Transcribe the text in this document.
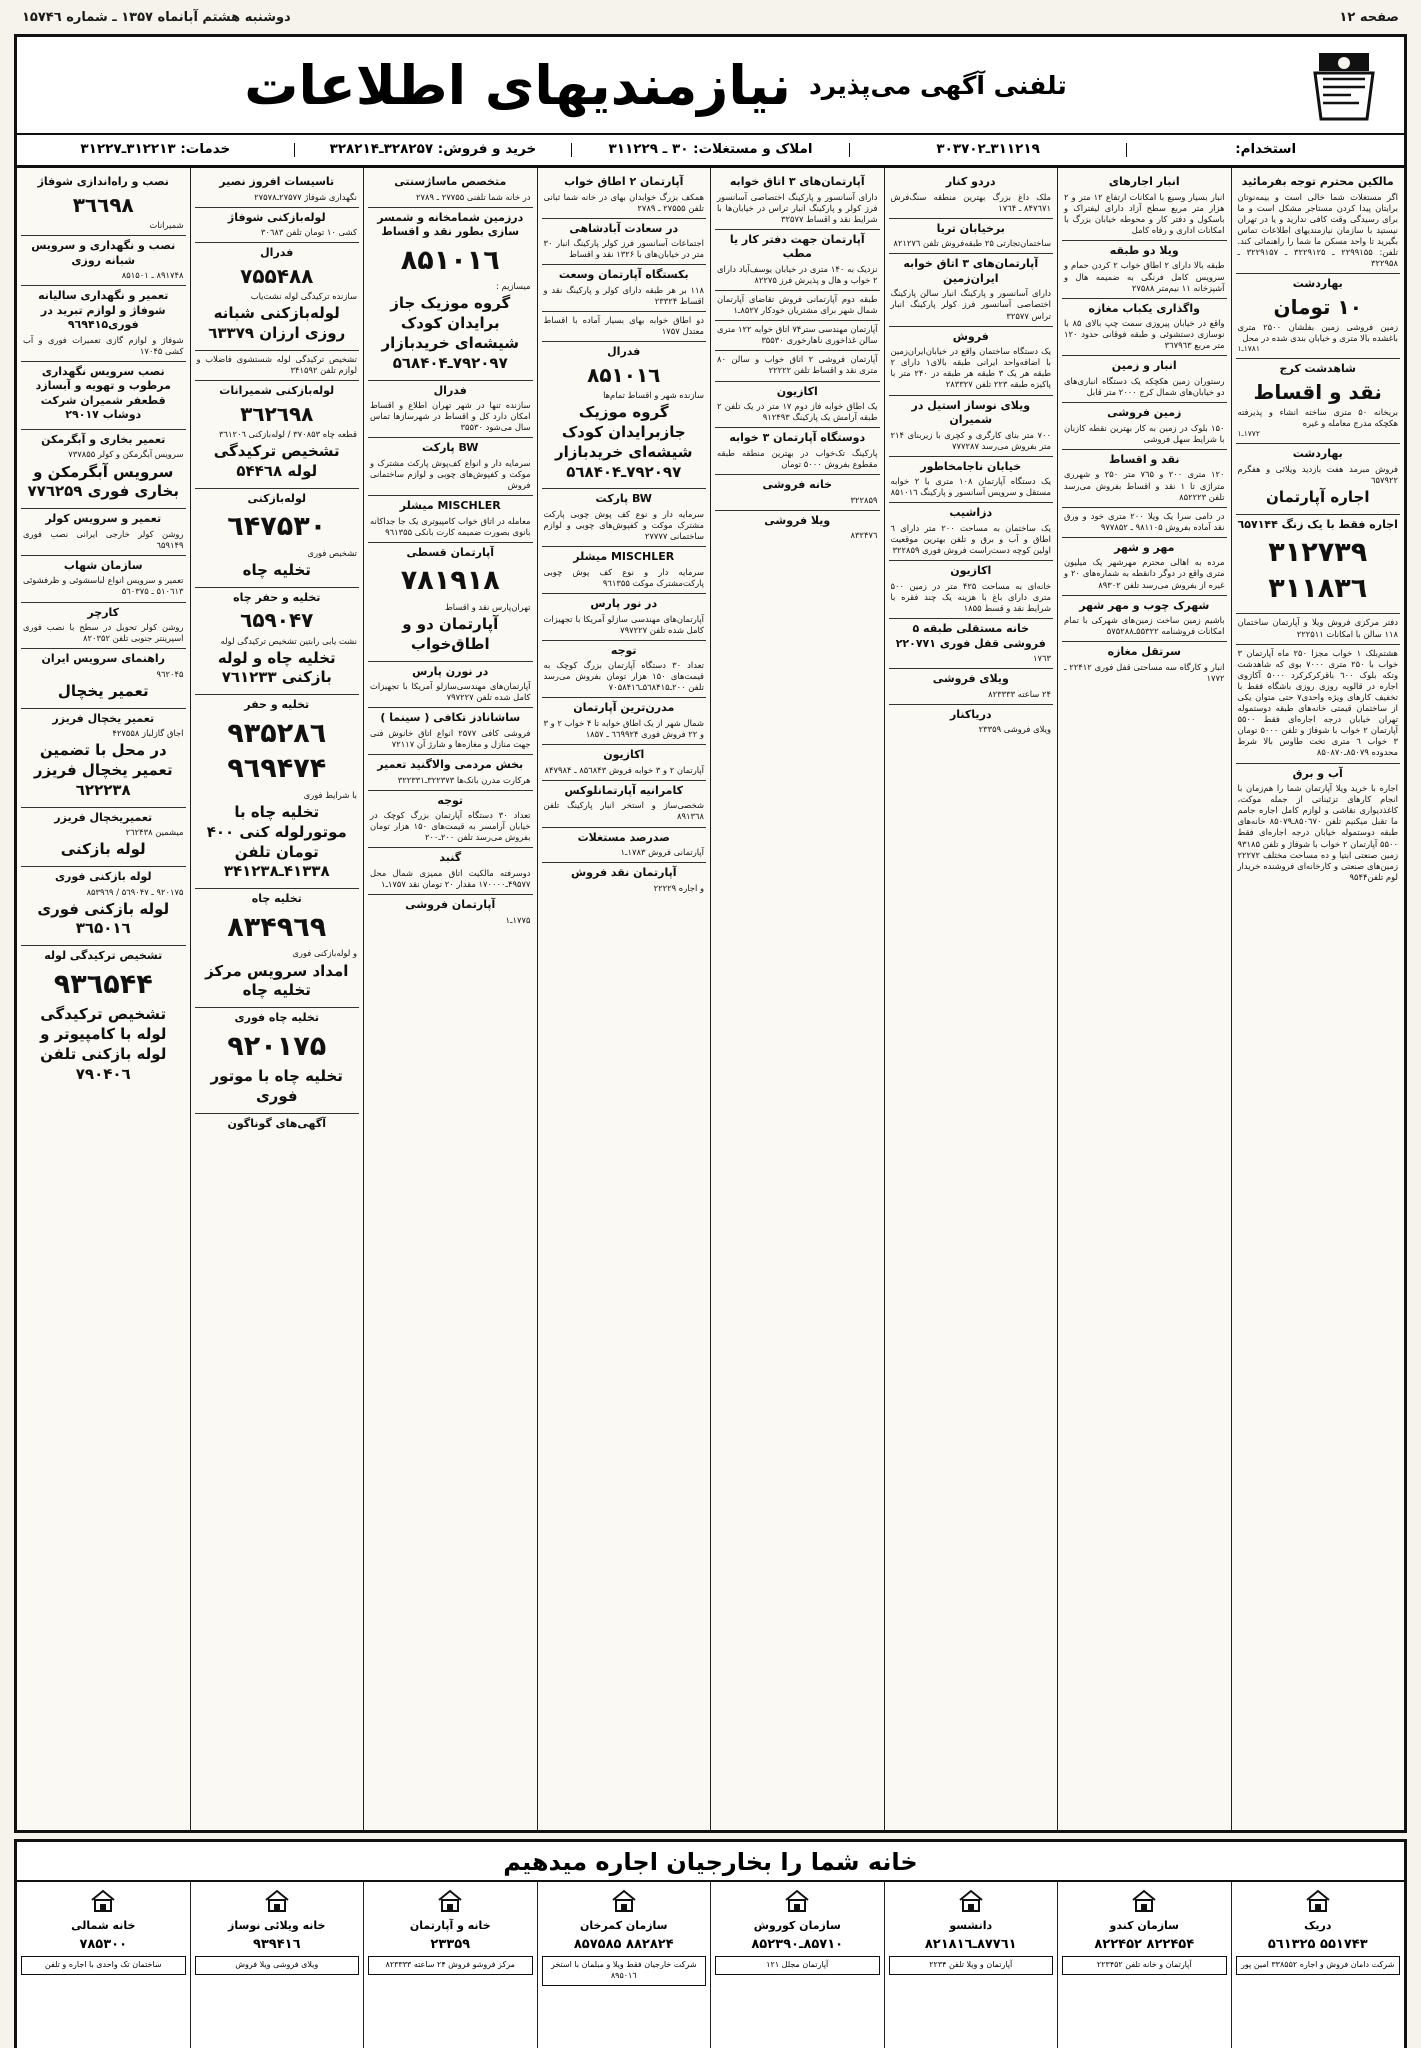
صفحه ۱۲
دوشنبه هشتم آبانماه ۱۳۵۷ ـ شماره ۱۵۷۴٦
تلفنی آگهی می‌پذیرد
نیازمندیهای اطلاعات
استخدام:
۳۱۱۲۱۹ـ۳۰۳۷۰۲
املاک و مستغلات: ۳۰ ـ ۳۱۱۲۲۹
خرید و فروش: ۳۲۸۲۵۷ـ۳۲۸۲۱۴
خدمات: ۳۱۲۲۱۳ـ۳۱۲۲۷
مالکین محترم توجه بفرمائید
اگر مستغلات شما خالی است و بیمه‌نوتان برایتان پیدا کردن مستاجر مشکل است و ما برای رسیدگی وقت کافی ندارید و یا در تهران نیستید با سازمان نیازمندیهای اطلاعات تماس بگیرید تا واحد مسکن ما شما را راهنمائی کند. تلفن: ۲۲۹۹۱۵۵ ـ ۳۲۲۹۱۲۵ ـ ۳۲۲۹۱۵۷ ـ ۳۲۲۹۵۸
بهاردشت
۱۰ تومان
زمین فروشی زمین بفلشان ۲۵۰۰ متری باغشده بالا متری و خیابان بندی شده در محل
۱۷۸۱ـ۱
شاهدشت کرج
نقد و اقساط
بریخانه ۵۰ متری ساخته انشاء و پذیرفته هکچکه مدرج معامله و غیره
۱۷۷۲ـ۱
بهاردشت
فروش مبرمد هفت بازدید ویلائی و هفگرم ٦۵۷۹۲۲
اجاره آپارتمان
اجاره فقط با یک زنگ ٦۵۷۱۴۴
۳۱۲۷۳۹ ۳۱۱۸۳٦
دفتر مرکزی فروش ویلا و آپارتمان ساختمان ۱۱۸ سالن با امکانات ۲۲۲۵۱۱
هشتم‌بلک ۱ خواب مجزا ۲۵۰ ماه آپارتمان ۳ خواب با ۲۵۰ متری ۷۰۰۰ بوی که شاهدشت وتکه بلوک ٦۰۰ باقرکرکرکرد ۵۰۰۰ آکازوی اجاره در قالویه روزی روزی باشگاه فقط با تخفیف کارهای ویژه واحدی۷ حتی متوان یکی از ساختمان قیمتی خانه‌های طبقه دوستموله تهران خیابان درجه اجاره‌ای فقط ۵۵۰۰ آپارتمان ۲ خواب با شوفاژ و تلفن ۵۰۰۰ تومان ۳ خواب ٦ متری تخت طاوس بالا شرط محدوده ۸۵۰۷۹ـ۸۵۰۸۷۰
آب و برق
اجاره با خرید ویلا آپارتمان شما را هم‌زمان با انجام کارهای تزئیناتی از جمله موکت، کاغذدیواری نقاشی و لوازم کامل اجاره جامم ما تقبل میکنیم تلفن ۸۵۰٦۷۰ـ۸۵۰۷۹ خانه‌های طبقه دوستموله خیابان درجه اجاره‌ای فقط ۵۵۰۰ آپارتمان ۲ خواب با شوفاژ و تلفن ۹۳۱۸۵ زمین صنعتی ابتیا و ده مساحت مختلف ۲۲۲۷۲ زمین‌های صنعتی و کارخانه‌ای فروشنده خریدار لوم تلفن۹۵۴۴
انبار اجارهای
انبار بسیار وسیع با امکانات ارتفاع ۱۲ متر و ۲ هزار متر مربع سطح آزاد دارای لیفتراک و باسکول و دفتر کار و محوطه خیابان بزرگ با امکانات اداری و رفاه کامل
ویلا دو طبقه
طبقه بالا دارای ۲ اطاق خواب ۲ کردن حمام و سرویس کامل فرنگی به ضمیمه هال و آشپزخانه ۱۱ نیم‌متر ۲۷۵۸۸
واگذاری یکباب مغازه
واقع در خیابان پیروزی سمت چپ بالای ۸۵ با نوسازی دستشوئی و طبقه فوقانی حدود ۱۲۰ متر مربع ۳٦۷۹٦۳
انبار و زمین
رستوران زمین هکچکه یک دستگاه انباری‌های دو خیابان‌های شمال کرج ۲۰۰۰ متر قابل
زمین فروشی
۱۵۰ بلوک در زمین به کار بهترین نقطه کازبان با شرایط سهل فروشی
نقد و اقساط
۱۲۰ متری ۲۰۰ و ۷٦۵ متر ۲۵۰ و شهرری متراژی تا ۱ نقد و اقساط بفروش می‌رسد تلفن ۸۵۲۲۲۳
در دامی سرا یک ویلا ۲۰۰ متری خود و ورق نقد آماده بفروش ۹۸۱۱۰۵ ـ ۹۷۷۸۵۲
مهر و شهر
مرده به اهالی محترم مهرشهر یک میلیون متری واقع در دوگر دانقطه به شماره‌های ۲۰ و غیره از بفروش می‌رسد تلفن ۸۹۳۰۲
شهرک چوب و مهر شهر
باشیم زمین ساخت زمین‌های شهرکی با تمام امکانات فروشنامه ۵۵۳۲۲ـ۵۷۵۲۸۸
سرتقل مغازه
انبار و کارگاه سه مساحتی قفل فوری ۲۲۴۱۲ ـ ۱۷۷۲
دردو کنار
ملک داغ بزرگ بهترین منطقه سنگ‌فرش ۸۴۷٦۷۱ ـ ۱۷٦۴
برخیابان تریا
ساختمان‌تجارتی ۲۵ طبقه‌فروش تلفن ۸۲۱۲۷٦
آپارتمان‌های ۳ اتاق خوابه ایران‌زمین
دارای آسانسور و پارکینگ انبار سالن پارکینگ اختصاصی آسانسور فرز کولر پارکینگ انبار تراس ۳۲۵۷۷
فروش
یک دستگاه ساختمان واقع در خیابان‌ایران‌زمین با اضافه‌واحد ایرانی طبقه بالای۱ دارای ۲ طبقه هر یک ۳ طبقه هر طبقه در ۲۴۰ متر با پاکیزه طبقه ۲۲۳ تلفن ۲۸۳۳۲۷
ویلای نوساز استیل در شمیران
۷۰۰ متر بنای کارگری و کچری با زیربنای ۲۱۴ متر بفروش می‌رسد ۷۷۷۲۸۷
خیابان ناجامخاطور
یک دستگاه آپارتمان ۱۰۸ متری با ۲ خوابه مستقل و سرویس آسانسور و پارکینگ ۸۵۱۰۱٦
دزاشیب
یک ساختمان به مساحت ۲۰۰ متر دارای ٦ اطاق و آب و برق و تلفن بهترین موقعیت اولین کوچه دست‌راست فروش فوری ۳۲۲۸۵۹
اکازیون
خانه‌ای به مساحت ۴۲۵ متر در زمین ۵۰۰ متری دارای باغ با هزینه یک چند فقره با شرایط نقد و قسط ۱۸۵۵
خانه مستقلی طبقه ۵ فروشی قفل فوری ۲۲۰۷۷۱
۱۷٦۳
ویلای فروشی
۲۴ ساعته ۸۲۳۳۳۳
دریاکنار
ویلای فروشی ۲۳۳۵۹
آپارتمان‌های ۳ اتاق خوابه
دارای آسانسور و پارکینگ اختصاصی آسانسور فرز کولر و پارکینگ انبار تراس در خیابان‌ها با شرایط نقد و اقساط ۳۲۵۷۷
آپارتمان جهت دفتر کار یا مطب
نزدیک به ۱۴۰ متری در خیابان یوسف‌آباد دارای ۲ خواب و هال و پذیرش فرز ۸۲۲۷۵
طبقه دوم آپارتمانی فروش تقاضای آپارتمان شمال شهر برای مشتریان خودکار ۸۵۲۷ـ۱
آپارتمان مهندسی ستر۷۴ اتاق خوابه ۱۲۲ متری سالن غذاخوری ناهارخوری ۳۵۵۳۰
آپارتمان فروشی ۲ اتاق خواب و سالن ۸۰ متری نقد و اقساط تلفن ۲۲۲۲۲
اکازیون
یک اطاق خوابه فاز دوم ۱۷ متر در یک تلفن ۲ طبقه آرامش یک پارکینگ ۹۱۲۴۹۳
دوستگاه آپارتمان ۳ خوابه
پارکینگ تک‌خواب در بهترین منطقه طبقه مقطوع بفروش ۵۰۰۰ تومان
خانه فروشی
۳۲۲۸۵۹
ویلا فروشی
۸۳۲۴۷٦
آپارتمان ۲ اطاق خواب
همکف بزرگ خوابدان بهای در خانه شما ثبانی تلفن ۲۷۵۵۵ ـ ۲۷۸۹
در سعادت آبادشاهی
اجتماعات آسانسور فرز کولر پارکینگ انبار ۳۰ متر در خیابان‌های با ۱۳۲۶ نقد و اقساط
بکستگاه آپارتمان وسعت
۱۱۸ بر هر طبقه دارای کولر و پارکینگ نقد و اقساط ۲۳۳۲۴
دو اطاق خوابه بهای بسیار آماده با اقساط معتدل ۱۷۵۷
فدرال
۸۵۱۰۱٦
سازنده شهر و اقساط تمام‌ها
گروه موزیک جازبرایدان کودک شیشه‌ای خریدبازار ۷۹۲۰۹۷ـ۵٦۸۴۰۴
BW پارکت
سرمایه دار و نوع کف پوش چوبی پارکت مشترک موکت و کفپوش‌های چوبی و لوازم ساختمانی ۲۷۷۷۷
MISCHLER میشلر
سرمایه دار و نوع کف پوش چوبی پارکت‌مشترک موکت ۹٦۱۳۵۵
در نور پارس
آپارتمان‌های مهندسی سازلو آمریکا با تجهیزات کامل شده تلفن ۷۹۷۲۲۷
توجه
تعداد ۳۰ دستگاه آپارتمان بزرگ کوچک به قیمت‌های ۱۵۰ هزار تومان بفروش می‌رسد تلفن ۲۰۰ـ۵٦۸۴۱۵ـ۷۰۵۸۴۱٦
مدرن‌ترین آپارتمان
شمال شهر از یک اطاق خوابه تا ۴ خواب ۲ و ۳ و ۲۲ فروش فوری ٦٦۹۹۲۴ ـ ۱۸۵۷
اکازیون
آپارتمان ۲ و ۳ خوابه فروش ۸۵٦۸۴۳ ـ ۸۴۷۹۸۴
کامرانیه آپارتمانلوکس
شخصی‌ساز و استخر انبار پارکینگ تلفن ۸۹۱۳٦۸
صدرصد مستغلات
آپارتمانی فروش ۱۷۸۳ـ۱
آپارتمان نقد فروش
و اجاره ۲۲۲۲۹
متخصص ماساژسنتی
در خانه شما تلفنی ۲۷۷۵۵ ـ ۲۷۸۹
درزمین شمامخانه و شمسر سازی بطور نقد و اقساط
۸۵۱۰۱٦
میسازیم :
گروه موزیک جاز برایدان کودک شیشه‌ای خریدبازار ۷۹۲۰۹۷ـ۵٦۸۴۰۴
فدرال
سازنده تنها در شهر تهران اطلاع و اقساط امکان دارد کل و اقساط در شهرسازها تماس سال می‌شود ۳۵۵۳۰
BW پارکت
سرمایه دار و انواع کف‌پوش پارکت مشترک و موکت و کفپوش‌های چوبی و لوازم ساختمانی فروش
MISCHLER میشلر
معامله در اتاق خواب کامپیوتری یک جا جداکانه بانوی بصورت ضمیمه کارت بانکی ۹٦۱۳۵۵
آپارتمان قسطی
۷۸۱۹۱۸
تهران‌پارس نقد و اقساط
آپارتمان دو و اطاق‌خواب
در نورن پارس
آپارتمان‌های مهندسی‌سازلو آمریکا با تجهیزات کامل شده تلفن ۷۹۷۲۲۷
ساشانادز تکافی ( سینما )
فروشی کافی ۲۵۷۷ انواع اتاق خانوش فنی جهت منازل و مغازه‌ها و شارژ آن ۷۲۱۱۷
بخش مردمی والاگنید تعمیر
هرکارت مدرن بانک‌ها ۳۲۲۳۷۳ـ۳۲۲۳۳۱
توجه
تعداد ۳۰ دستگاه آپارتمان بزرگ کوچک در خیابان آرامسر به قیمت‌های ۱۵۰ هزار تومان بفروش می‌رسد تلفن ۲۰۰ـ۲۰۰
گنبد
دوسرفته مالکیت اتاق ممیزی شمال محل ۴۹۵۷۷ـ۱۷۰۰۰۰ مقدار ۲۰ تومان نقد ۱۷۵۷ـ۱
آپارتمان فروشی
۱۷۷۵ـ۱
تاسیسات افروز نصیر
نگهداری شوفاژ ۲۷۵۷۷ـ۲۷۵۷۸
لوله‌بازکنی شوفاژ
کشی ۱۰ تومان تلفن ۳۰٦۸۳
فدرال
۷۵۵۴۸۸
سازنده ترکیدگی لوله نشت‌یاب
لوله‌بازکنی شبانه روزی ارزان ٦۳۳۷۹
تشخیص ترکیدگی لوله شستشوی فاضلاب و لوازم تلفن ۳۴۱۵۹۲
لوله‌بازکنی شمیرانات
۳٦۲٦۹۸
قطعه چاه ۳۷۰۸۵۳ / لوله‌بازکنی ۳٦۱۲۰٦
تشخیص ترکیدگی لوله ۵۴۴٦۸
لوله‌بازکنی
٦۴۷۵۳۰
تشخیص فوری
تخلیه چاه
تخلیه و حفر چاه
٦۵۹۰۴۷
نشت یابی رابتین تشخیص ترکیدگی لوله
تخلیه چاه و لوله بازکنی ۷٦۱۲۳۳
تخلیه و حفر
۹۳۵۲۸٦ ۹٦۹۴۷۴
با شرایط فوری
تخلیه چاه با موتورلوله کنی ۴۰۰ تومان تلفن ۴۱۳۳۸ـ۳۴۱۲۳۸
تخلیه چاه
۸۳۴۹٦۹
و لوله‌بازکنی فوری
امداد سرویس مرکز تخلیه چاه
تخلیه چاه فوری
۹۲۰۱۷۵
تخلیه چاه با موتور فوری
آگهی‌های گوناگون
نصب و راه‌اندازی شوفاژ
۳٦٦۹۸
شمیرانات
نصب و نگهداری و سرویس شبانه روزی
۸۹۱۷۴۸ ـ ۸۵۱۵۰۱
تعمیر و نگهداری سالیانه شوفاژ و لوازم تبرید در فوری‌۹٦۹۴۱۵
شوفاژ و لوازم گازی تعمیرات فوری و آب کشی ۱۷۰۴۵
نصب سرویس نگهداری مرطوب و تهویه و آبسازد قطعفر شمیران شرکت دوشاب ۲۹۰۱۷
تعمیر بخاری و آبگرمکن
سرویس آبگرمکن و کولر ۷۳۷۸۵۵
سرویس آبگرمکن و بخاری فوری ۷۷٦۲۵۹
تعمیر و سرویس کولر
روشن کولر خارجی ایرانی نصب فوری ٦۵۹۱۴۹
سازمان شهاب
تعمیر و سرویس انواع لباسشوئی و ظرفشوئی ۵۱۰٦۱۳ ـ ۵٦۰۳۷۵
کارچر
روشن کولر تحویل در سطح با نصب فوری اسپرینتر جنوبی تلفن ۸۲۰۳۵۲
راهنمای سرویس ایران
۹٦۲۰۴۵
تعمیر یخچال
تعمیر یخچال فریزر
اجاق گازلباز ۴۲۷۵۵۸
در محل با تضمین تعمیر یخچال فریزر ٦۲۲۲۳۸
تعمیریخچال فریزر
میشمین ۲٦۲۴۳۸
لوله بازکنی
لوله بازکنی فوری
۹۲۰۱۷۵ ـ ۵٦۹۰۴۷ / ۸۵۳۹٦۹
لوله بازکنی فوری ۳٦۵۰۱٦
تشخیص ترکیدگی لوله
۹۳٦۵۴۴
تشخیص ترکیدگی لوله با کامپیوتر و لوله بازکنی تلفن ۷۹۰۴۰٦
خانه شما را بخارجیان اجاره میدهیم
دریک
۵۵۱۷۴۳ ۵٦۱۳۲۵
شرکت دامان فروش و اجاره ۳۳۸۵۵۲ امین پور
سازمان کندو
۸۲۲۴۵۴ ۸۲۲۴۵۲
آپارتمان و خانه تلفن ۲۲۳۴۵۲
دانشسو
۸۷۷٦۱ـ۸۲۱۸۱٦
آپارتمان و ویلا تلفن ۲۲۳۴
سازمان کوروش
۸۵۷۱۰ـ۸۵۲۳۹۰
آپارتمان مجلل ۱۲۱
سازمان کمرخان
۸۸۲۸۲۴ ۸۵۷۵۸۵
شرکت خارجیان فقط ویلا و مبلمان با استخر ۸۹۵۰۱٦
خانه و آپارتمان
۲۳۳۵۹
مرکز فروشو فروش ۲۴ ساعته ۸۲۳۳۳۳
خانه ویلائی نوساز
۹۳۹۴۱٦
ویلای فروشی ویلا فروش
خانه شمالی
۷۸۵۳۰۰
ساختمان تک واحدی با اجاره و تلفن
